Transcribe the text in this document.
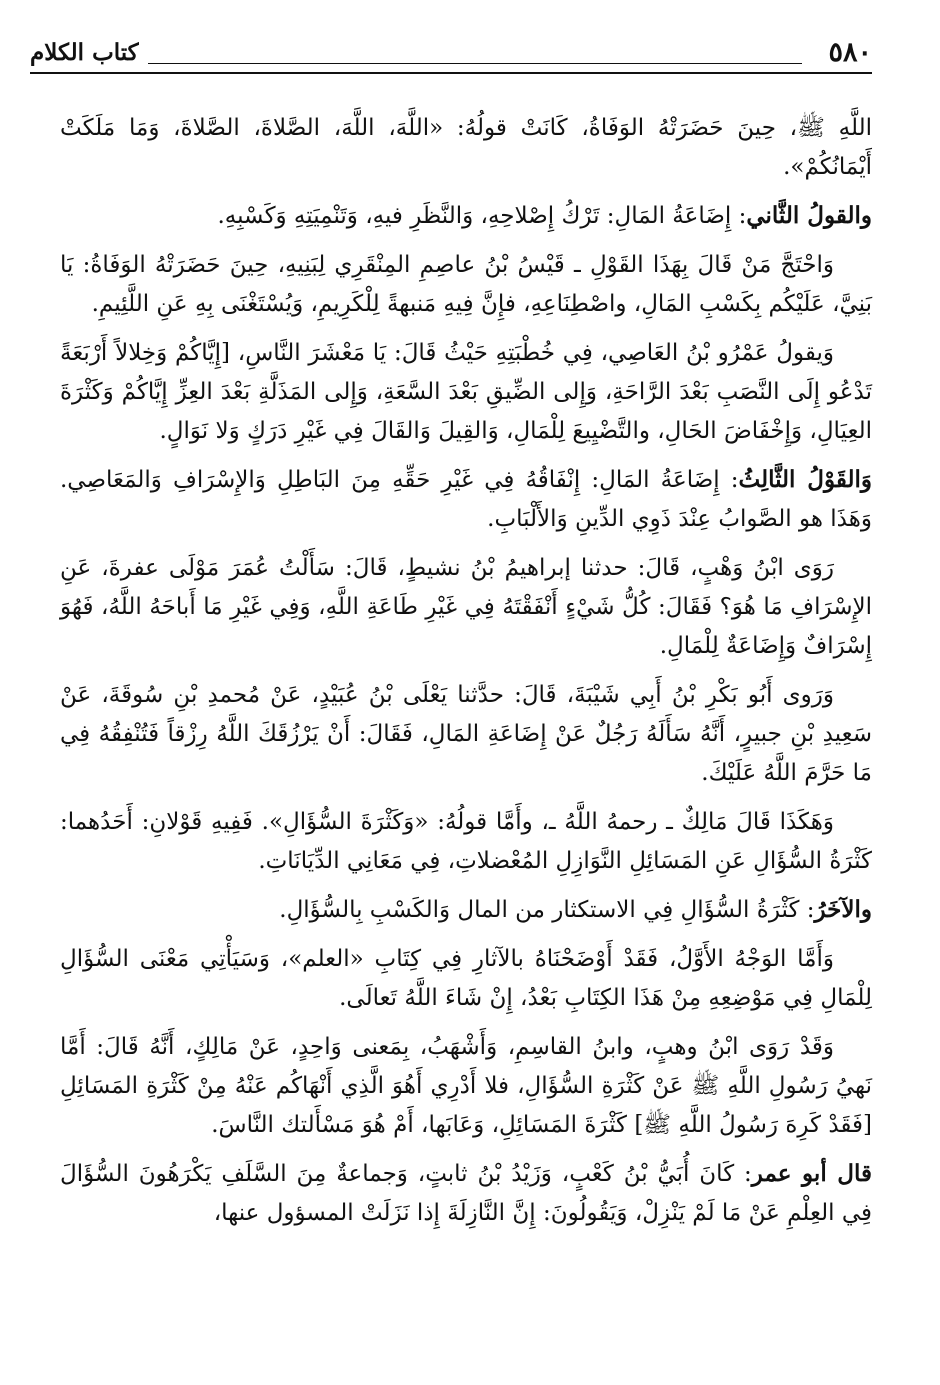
٥٨٠
كتاب الكلام

اللَّهِ ﷺ، حِينَ حَضَرَتْهُ الوَفَاةُ، كَانَتْ قولُهُ: «اللَّهَ، اللَّهَ، الصَّلاةَ، الصَّلاةَ، وَمَا مَلَكَتْ أَيْمَانُكُمْ».

والقولُ الثَّاني: إِضَاعَةُ المَالِ: تَرْكُ إِصْلاحِهِ، وَالنَّظَرِ فيهِ، وَتَنْمِيَتِهِ وَكَسْبِهِ.

وَاحْتَجَّ مَنْ قَالَ بِهَذَا القَوْلِ ـ قَيْسُ بْنُ عاصِمِ المِنْقَرِي لِبَنِيهِ، حِينَ حَضَرَتْهُ الوَفَاةُ: يَا بَنِيَّ، عَلَيْكُم بِكَسْبِ المَالِ، واصْطِنَاعِهِ، فإِنَّ فِيهِ مَنبهةً لِلْكَرِيمِ، وَيُسْتَغْنَى بِهِ عَنِ اللَّئِيمِ.

وَيقولُ عَمْرُو بْنُ العَاصِي، فِي خُطْبَتِهِ حَيْثُ قَالَ: يَا مَعْشَرَ النَّاسِ، [إِيَّاكُمْ وَخِلالاً أَرْبَعَةً تَدْعُو إِلَى النَّصَبِ بَعْدَ الرَّاحَةِ، وَإِلى الضِّيقِ بَعْدَ السَّعَةِ، وَإِلى المَذَلَّةِ بَعْدَ العِزِّ إِيَّاكُمْ وَكَثْرَةَ العِيَالِ، وَإِخْفَاضَ الحَالِ، والتَّضْيِيعَ لِلْمَالِ، وَالقِيلَ وَالقَالَ فِي غَيْرِ دَرَكٍ وَلا نَوَالٍ.

وَالقَوْلُ الثَّالِثُ: إِضَاعَةُ المَالِ: إِنْفَاقُهُ فِي غَيْرِ حَقِّهِ مِنَ البَاطِلِ وَالإِسْرَافِ وَالمَعَاصِي. وَهَذَا هو الصَّوابُ عِنْدَ ذَوِي الدِّينِ وَالأَلْبَابِ.

رَوَى ابْنُ وَهْبٍ، قَالَ: حدثنا إبراهيمُ بْنُ نشيطٍ، قَالَ: سَأَلْتُ عُمَرَ مَوْلَى عفرةَ، عَنِ الإِسْرَافِ مَا هُوَ؟ فَقَالَ: كُلُّ شَيْءٍ أَنْفَقْتَهُ فِي غَيْرِ طَاعَةِ اللَّهِ، وَفِي غَيْرِ مَا أَباحَهُ اللَّهُ، فَهُوَ إِسْرَافٌ وَإِضَاعَةٌ لِلْمَالِ.

وَرَوى أَبُو بَكْرِ بْنُ أَبِي شَيْبَةَ، قَالَ: حدَّثنا يَعْلَى بْنُ عُبَيْدٍ، عَنْ مُحمدِ بْنِ سُوقَةَ، عَنْ سَعِيدِ بْنِ جبيرٍ، أَنَّهُ سَأَلَهُ رَجُلٌ عَنْ إِضَاعَةِ المَالِ، فَقَالَ: أَنْ يَرْزُقَكَ اللَّهُ رِزْقاً فَتُنْفِقُهُ فِي مَا حَرَّمَ اللَّهُ عَلَيْكَ.

وَهَكَذَا قَالَ مَالِكٌ ـ رحمهُ اللَّهُ ـ، وأَمَّا قولُهُ: «وَكَثْرَةَ السُّؤَالِ». فَفِيهِ قَوْلانِ: أَحَدُهما: كَثْرَةُ السُّؤَالِ عَنِ المَسَائِلِ النَّوَازِلِ المُعْضلاتِ، فِي مَعَانِي الدِّيَانَاتِ.

والآخَرُ: كَثْرَةُ السُّؤَالِ فِي الاستكثار من المال وَالكَسْبِ بِالسُّؤَالِ.

وَأَمَّا الوَجْهُ الأَوَّلُ، فَقَدْ أَوْضَحْنَاهُ بالآثارِ فِي كِتَابِ «العلم»، وَسَيَأْتِي مَعْنَى السُّؤَالِ لِلْمَالِ فِي مَوْضِعِهِ مِنْ هَذَا الكِتَابِ بَعْدُ، إِنْ شَاءَ اللَّهُ تَعالَى.

وَقَدْ رَوَى ابْنُ وهبٍ، وابنُ القاسِمِ، وَأَشْهَبُ، بِمَعنى وَاحِدٍ، عَنْ مَالِكٍ، أَنَّهُ قَالَ: أَمَّا نَهيُ رَسُولِ اللَّهِ ﷺ عَنْ كَثْرَةِ السُّؤَالِ، فلا أَدْرِي أَهُوَ الَّذِي أَنْهَاكُم عَنْهُ مِنْ كَثْرَةِ المَسَائِلِ [فَقَدْ كَرِهَ رَسُولُ اللَّهِ ﷺ] كَثْرَةَ المَسَائِلِ، وَعَابَها، أَمْ هُوَ مَسْأَلتك النَّاسَ.

قال أبو عمر: كَانَ أُبَيُّ بْنُ كَعْبٍ، وَزَيْدُ بْنُ ثابتٍ، وَجماعةٌ مِنَ السَّلَفِ يَكْرَهُونَ السُّؤَالَ فِي العِلْمِ عَنْ مَا لَمْ يَنْزِلْ، وَيَقُولُونَ: إِنَّ النَّازِلَةَ إِذا نَزَلَتْ المسؤول عنها،
